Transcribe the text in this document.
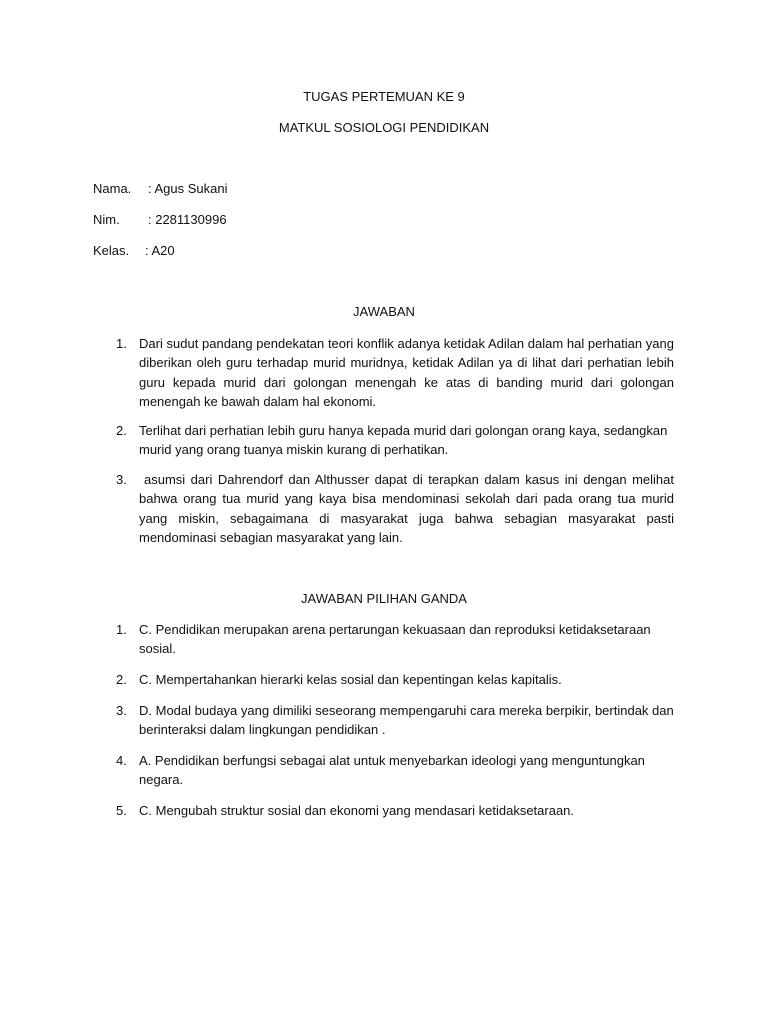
TUGAS PERTEMUAN KE 9
MATKUL SOSIOLOGI PENDIDIKAN
Nama. : Agus Sukani
Nim. : 2281130996
Kelas. : A20
JAWABAN
1. Dari sudut pandang pendekatan teori konflik adanya ketidak Adilan dalam hal perhatian yang diberikan oleh guru terhadap murid muridnya, ketidak Adilan ya di lihat dari perhatian lebih guru kepada murid dari golongan menengah ke atas di banding murid dari golongan menengah ke bawah dalam hal ekonomi.
2. Terlihat dari perhatian lebih guru hanya kepada murid dari golongan orang kaya, sedangkan murid yang orang tuanya miskin kurang di perhatikan.
3.	asumsi dari Dahrendorf dan Althusser dapat di terapkan dalam kasus ini dengan melihat bahwa orang tua murid yang kaya bisa mendominasi sekolah dari pada orang tua murid yang miskin, sebagaimana di masyarakat juga bahwa sebagian masyarakat pasti mendominasi sebagian masyarakat yang lain.
JAWABAN PILIHAN GANDA
1. C. Pendidikan merupakan arena pertarungan kekuasaan dan reproduksi ketidaksetaraan sosial.
2. C. Mempertahankan hierarki kelas sosial dan kepentingan kelas kapitalis.
3. D. Modal budaya yang dimiliki seseorang mempengaruhi cara mereka berpikir, bertindak dan berinteraksi dalam lingkungan pendidikan .
4. A. Pendidikan berfungsi sebagai alat untuk menyebarkan ideologi yang menguntungkan negara.
5. C. Mengubah struktur sosial dan ekonomi yang mendasari ketidaksetaraan.
